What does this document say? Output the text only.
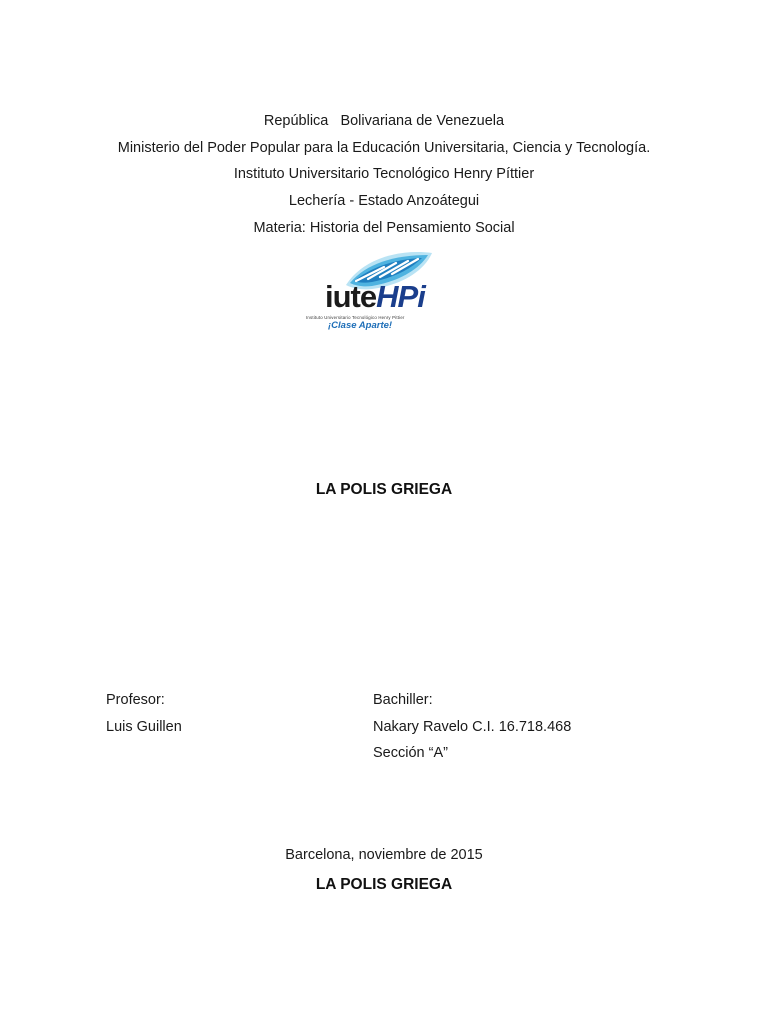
República   Bolivariana de Venezuela
Ministerio del Poder Popular para la Educación Universitaria, Ciencia y Tecnología.
Instituto Universitario Tecnológico Henry Píttier
Lechería - Estado Anzoátegui
Materia: Historia del Pensamiento Social
iuteHPi
Instituto Universitario Tecnológico Henry Pittier
¡Clase Aparte!
LA POLIS GRIEGA
Profesor:
Luis Guillen
Bachiller:
Nakary Ravelo C.I. 16.718.468
Sección “A”
Barcelona, noviembre de 2015
LA POLIS GRIEGA
